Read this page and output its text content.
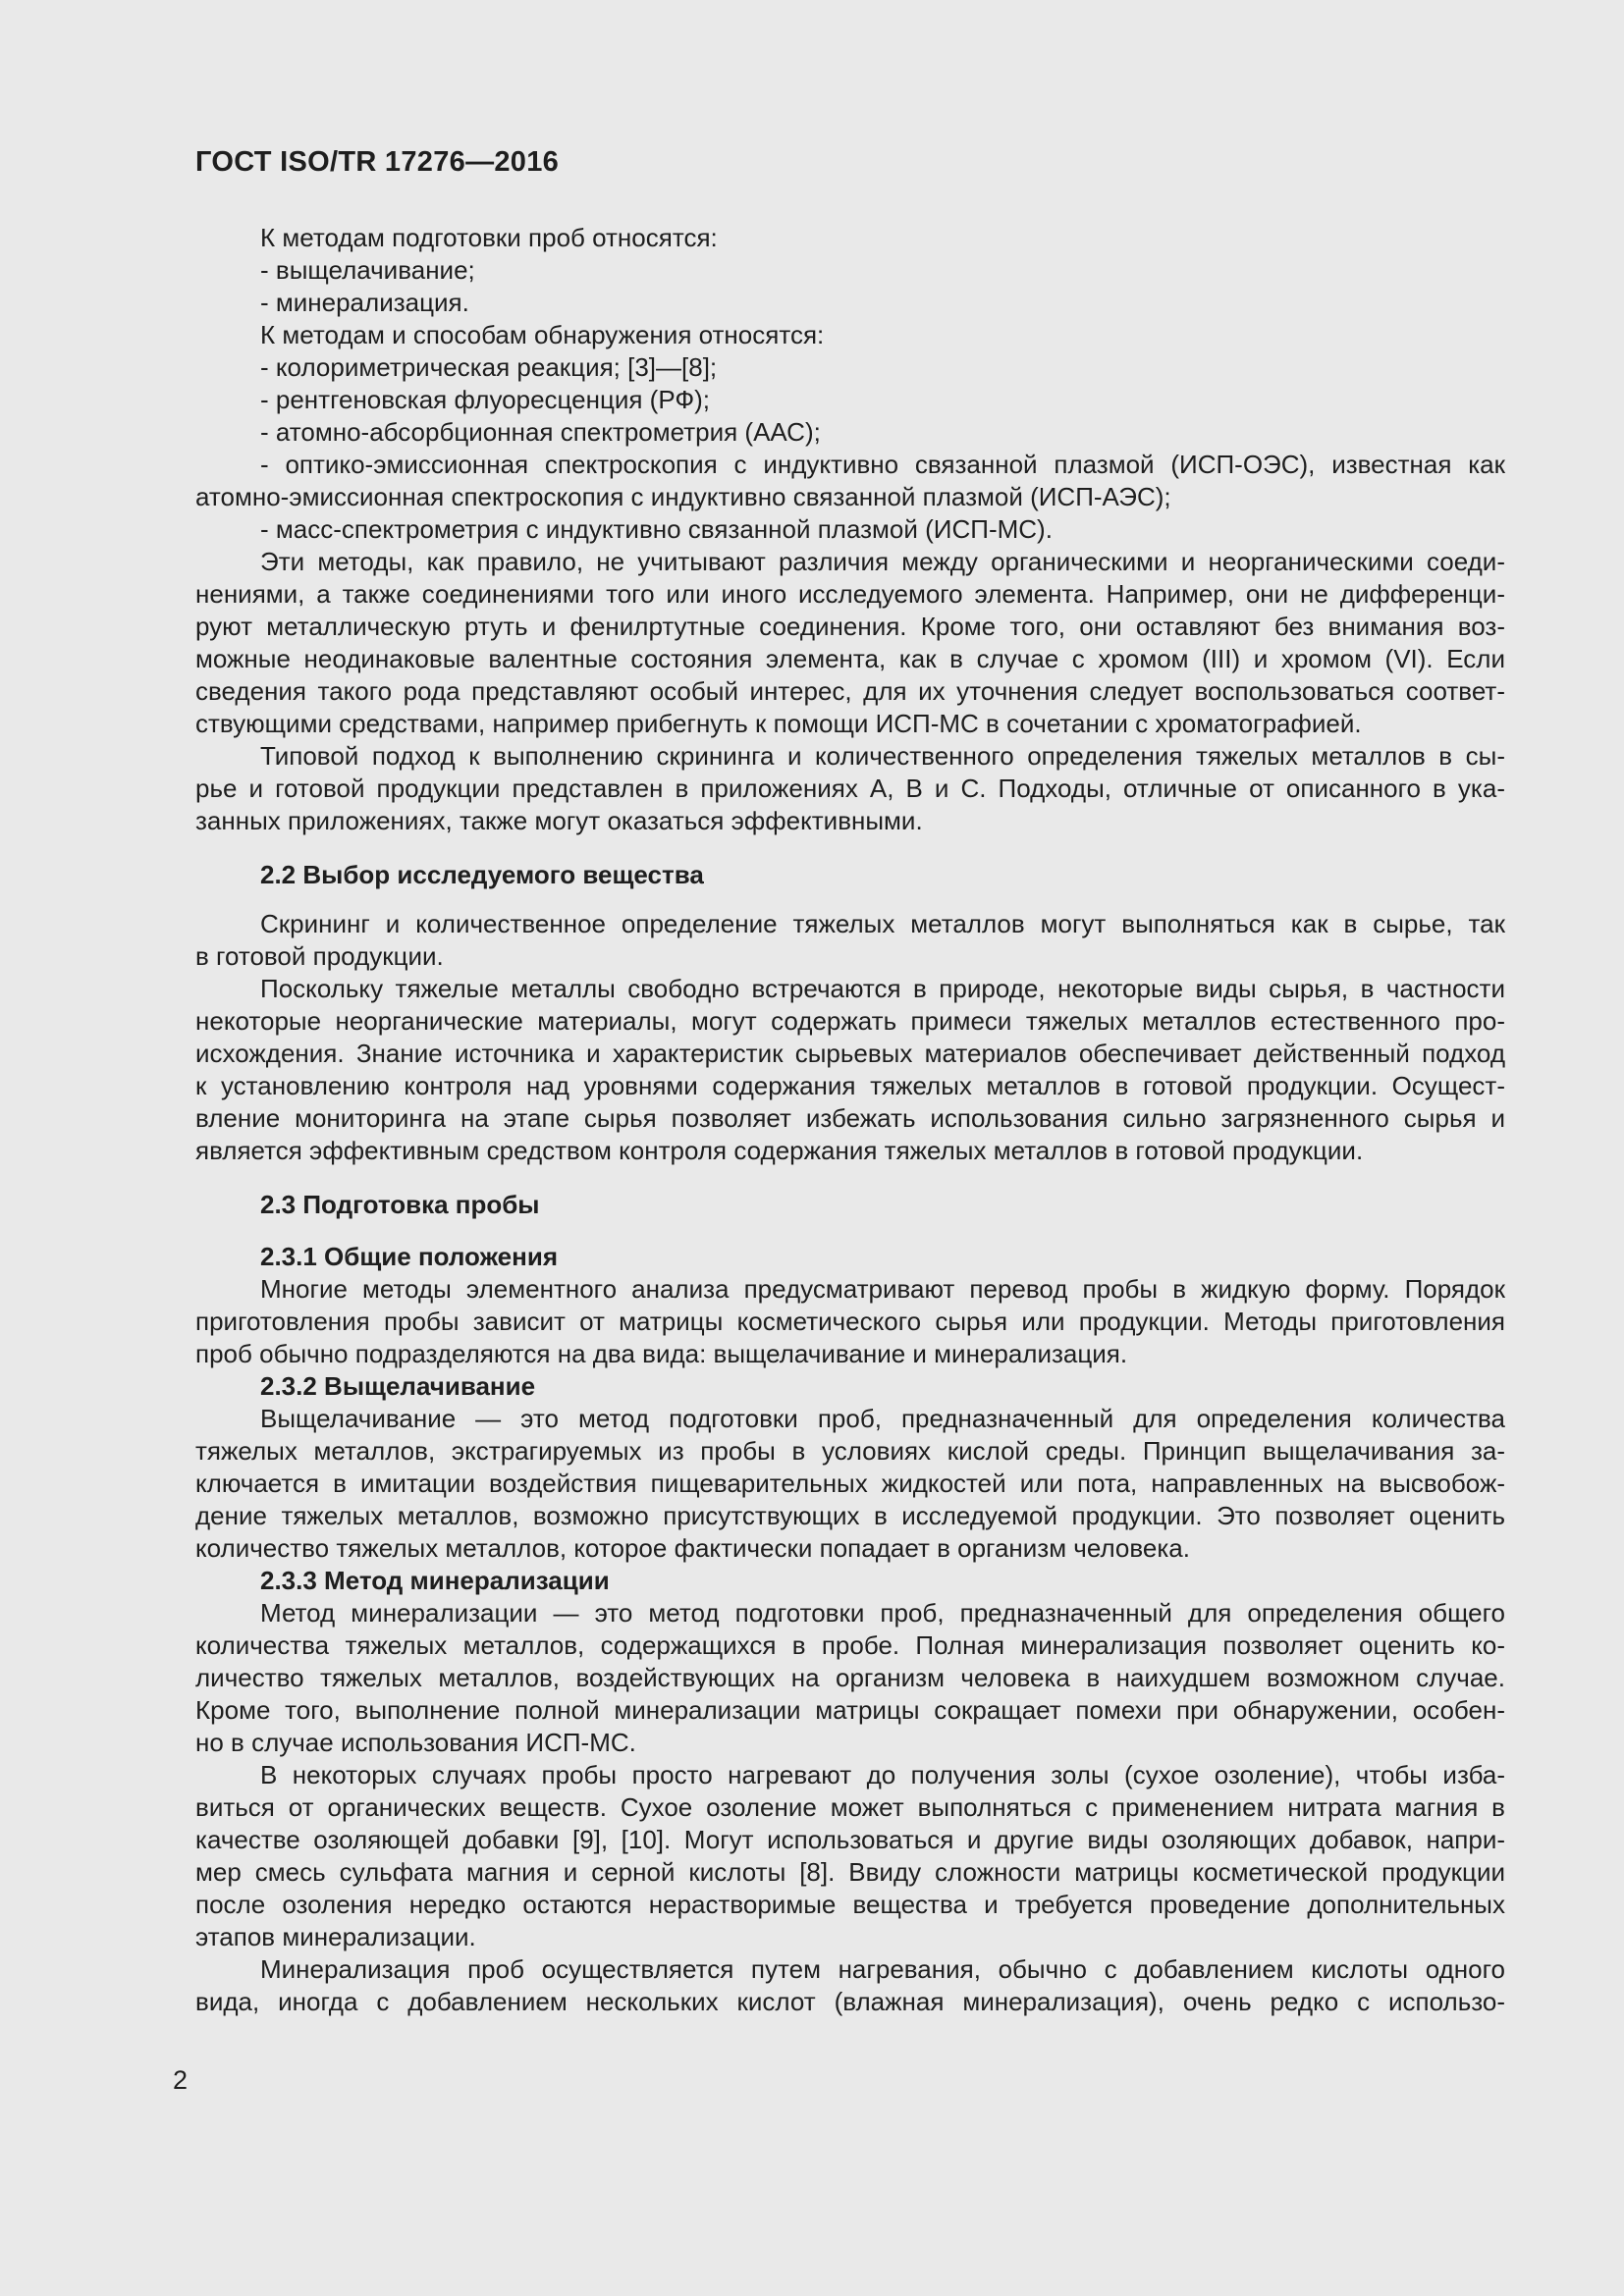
ГОСТ ISO/TR 17276—2016
К методам подготовки проб относятся:
- выщелачивание;
- минерализация.
К методам и способам обнаружения относятся:
- колориметрическая реакция; [3]—[8];
- рентгеновская флуоресценция (РФ);
- атомно-абсорбционная спектрометрия (ААС);
- оптико-эмиссионная спектроскопия с индуктивно связанной плазмой (ИСП-ОЭС), известная как
атомно-эмиссионная спектроскопия с индуктивно связанной плазмой (ИСП-АЭС);
- масс-спектрометрия с индуктивно связанной плазмой (ИСП-МС).
Эти методы, как правило, не учитывают различия между органическими и неорганическими соеди-
нениями, а также соединениями того или иного исследуемого элемента. Например, они не дифференци-
руют металлическую ртуть и фенилртутные соединения. Кроме того, они оставляют без внимания воз-
можные неодинаковые валентные состояния элемента, как в случае с хромом (III) и хромом (VI). Если
сведения такого рода представляют особый интерес, для их уточнения следует воспользоваться соответ-
ствующими средствами, например прибегнуть к помощи ИСП-МС в сочетании с хроматографией.
Типовой подход к выполнению скрининга и количественного определения тяжелых металлов в сы-
рье и готовой продукции представлен в приложениях А, В и С. Подходы, отличные от описанного в ука-
занных приложениях, также могут оказаться эффективными.
2.2 Выбор исследуемого вещества
Скрининг и количественное определение тяжелых металлов могут выполняться как в сырье, так
в готовой продукции.
Поскольку тяжелые металлы свободно встречаются в природе, некоторые виды сырья, в частности
некоторые неорганические материалы, могут содержать примеси тяжелых металлов естественного про-
исхождения. Знание источника и характеристик сырьевых материалов обеспечивает действенный подход
к установлению контроля над уровнями содержания тяжелых металлов в готовой продукции. Осущест-
вление мониторинга на этапе сырья позволяет избежать использования сильно загрязненного сырья и
является эффективным средством контроля содержания тяжелых металлов в готовой продукции.
2.3 Подготовка пробы
2.3.1 Общие положения
Многие методы элементного анализа предусматривают перевод пробы в жидкую форму. Порядок
приготовления пробы зависит от матрицы косметического сырья или продукции. Методы приготовления
проб обычно подразделяются на два вида: выщелачивание и минерализация.
2.3.2 Выщелачивание
Выщелачивание — это метод подготовки проб, предназначенный для определения количества
тяжелых металлов, экстрагируемых из пробы в условиях кислой среды. Принцип выщелачивания за-
ключается в имитации воздействия пищеварительных жидкостей или пота, направленных на высвобож-
дение тяжелых металлов, возможно присутствующих в исследуемой продукции. Это позволяет оценить
количество тяжелых металлов, которое фактически попадает в организм человека.
2.3.3 Метод минерализации
Метод минерализации — это метод подготовки проб, предназначенный для определения общего
количества тяжелых металлов, содержащихся в пробе. Полная минерализация позволяет оценить ко-
личество тяжелых металлов, воздействующих на организм человека в наихудшем возможном случае.
Кроме того, выполнение полной минерализации матрицы сокращает помехи при обнаружении, особен-
но в случае использования ИСП-МС.
В некоторых случаях пробы просто нагревают до получения золы (сухое озоление), чтобы изба-
виться от органических веществ. Сухое озоление может выполняться с применением нитрата магния в
качестве озоляющей добавки [9], [10]. Могут использоваться и другие виды озоляющих добавок, напри-
мер смесь сульфата магния и серной кислоты [8]. Ввиду сложности матрицы косметической продукции
после озоления нередко остаются нерастворимые вещества и требуется проведение дополнительных
этапов минерализации.
Минерализация проб осуществляется путем нагревания, обычно с добавлением кислоты одного
вида, иногда с добавлением нескольких кислот (влажная минерализация), очень редко с использо-
2
